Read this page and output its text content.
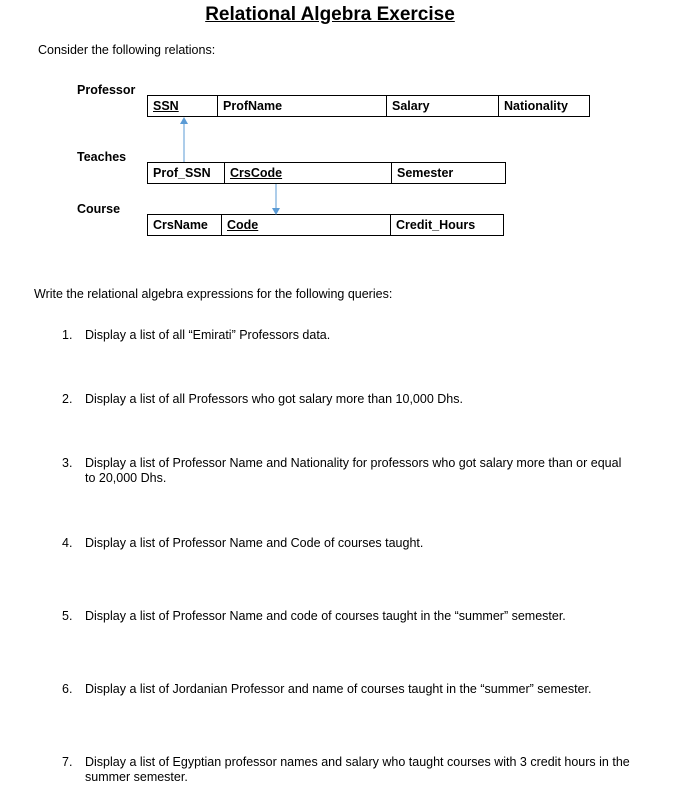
Relational Algebra Exercise
Consider the following relations:
Professor
SSN	ProfName	Salary	Nationality
Teaches
Prof_SSN	CrsCode	Semester
Course
CrsName	Code	Credit_Hours
Write the relational algebra expressions for the following queries:
1. Display a list of all “Emirati” Professors data.
2. Display a list of all Professors who got salary more than 10,000 Dhs.
3. Display a list of Professor Name and Nationality for professors who got salary more than or equal to 20,000 Dhs.
4. Display a list of Professor Name and Code of courses taught.
5. Display a list of Professor Name and code of courses taught in the “summer” semester.
6. Display a list of Jordanian Professor and name of courses taught in the “summer” semester.
7. Display a list of Egyptian professor names and salary who taught courses with 3 credit hours in the summer semester.
